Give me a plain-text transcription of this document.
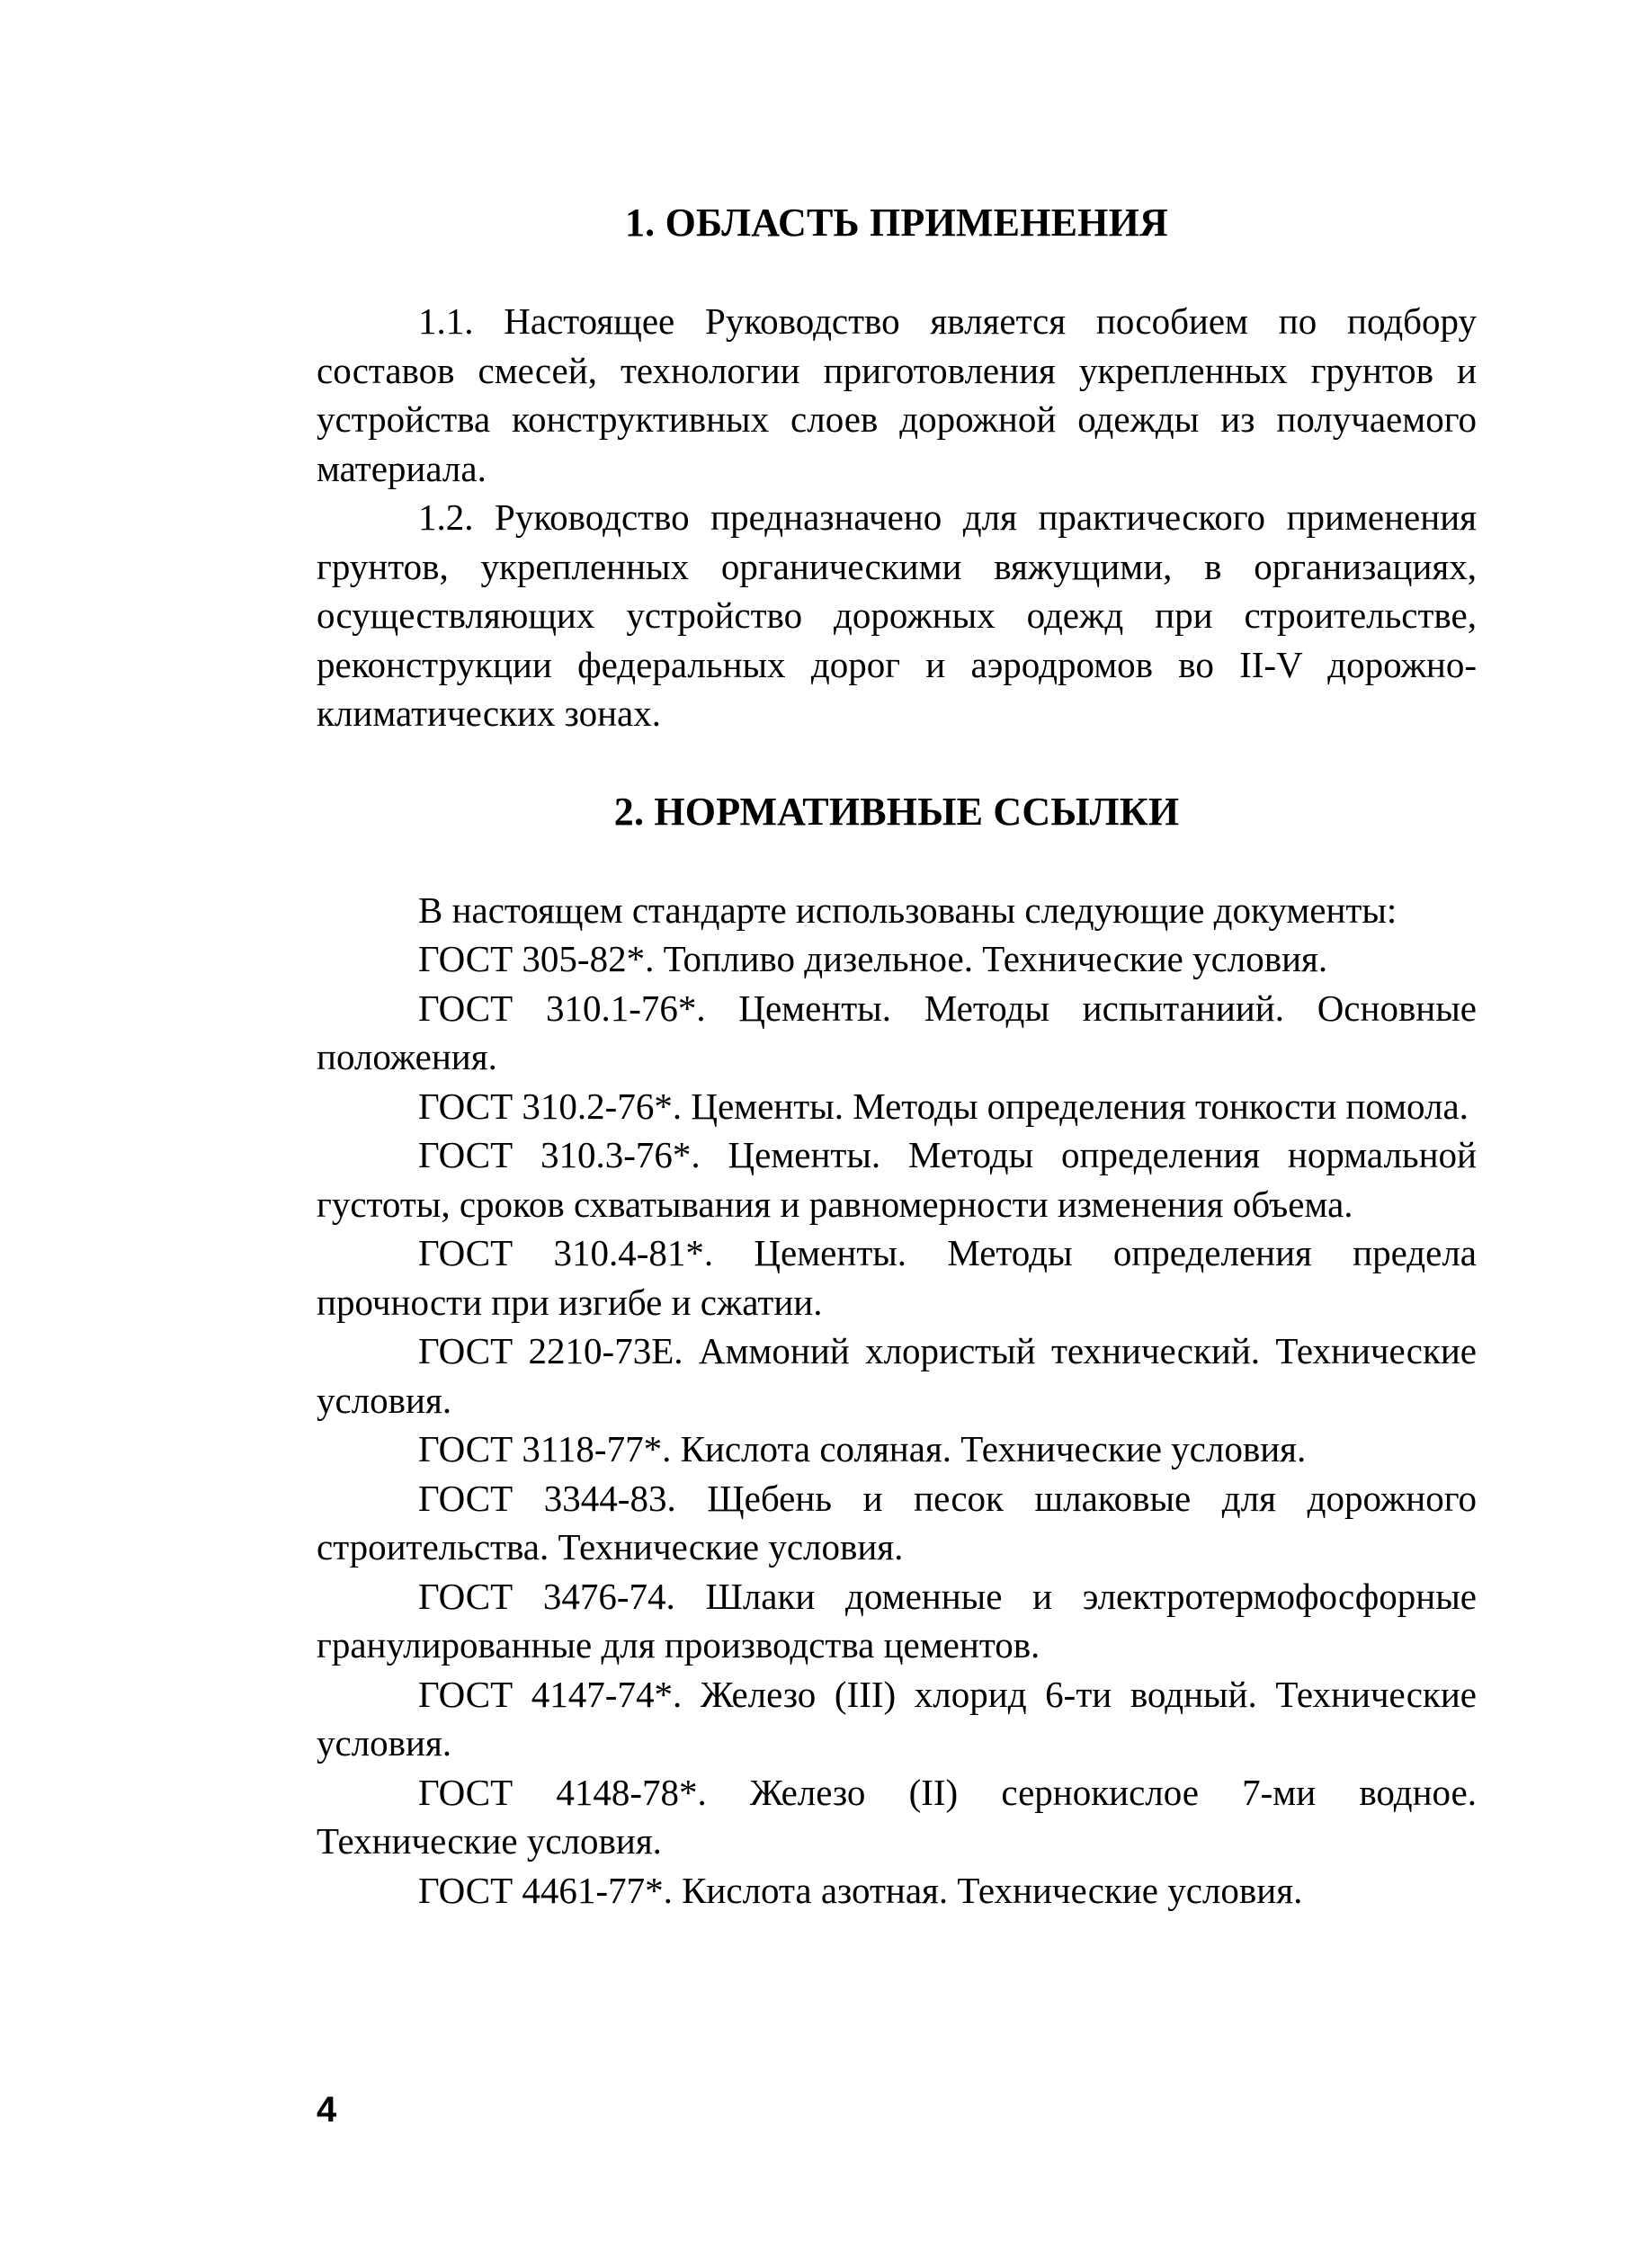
1. ОБЛАСТЬ ПРИМЕНЕНИЯ

1.1. Настоящее Руководство является пособием по подбору составов смесей, технологии приготовления укрепленных грунтов и устройства конструктивных слоев дорожной одежды из получаемого материала.

1.2. Руководство предназначено для практического применения грунтов, укрепленных органическими вяжущими, в организациях, осуществляющих устройство дорожных одежд при строительстве, реконструкции федеральных дорог и аэродромов во II-V дорожно-климатических зонах.

2. НОРМАТИВНЫЕ ССЫЛКИ

В настоящем стандарте использованы следующие документы:

ГОСТ 305-82*. Топливо дизельное. Технические условия.

ГОСТ 310.1-76*. Цементы. Методы испытаниий. Основные положения.

ГОСТ 310.2-76*. Цементы. Методы определения тонкости помола.

ГОСТ 310.3-76*. Цементы. Методы определения нормальной густоты, сроков схватывания и равномерности изменения объема.

ГОСТ 310.4-81*. Цементы. Методы определения предела прочности при изгибе и сжатии.

ГОСТ 2210-73Е. Аммоний хлористый технический. Технические условия.

ГОСТ 3118-77*. Кислота соляная. Технические условия.

ГОСТ 3344-83. Щебень и песок шлаковые для дорожного строительства. Технические условия.

ГОСТ 3476-74. Шлаки доменные и электротермофосфорные гранулированные для производства цементов.

ГОСТ 4147-74*. Железо (III) хлорид 6-ти водный. Технические условия.

ГОСТ 4148-78*. Железо (II) сернокислое 7-ми водное. Технические условия.

ГОСТ 4461-77*. Кислота азотная. Технические условия.

4
